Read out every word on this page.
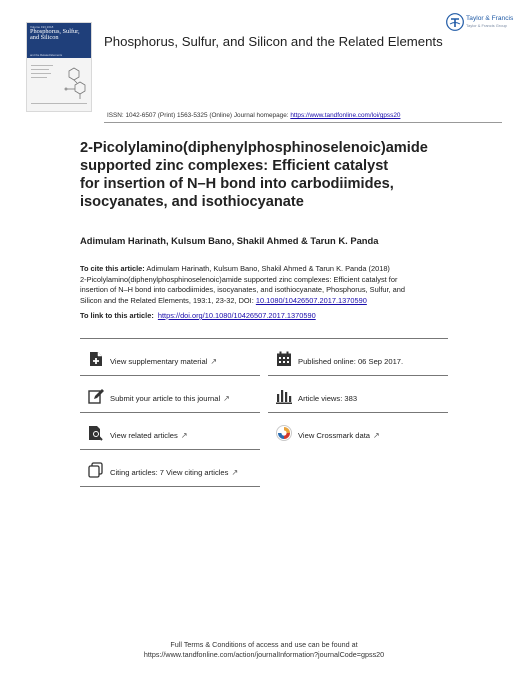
Volume 193 2018
Phosphorus, Sulfur, and Silicon
and the Related Elements
Phosphorus, Sulfur, and Silicon and the Related Elements
Taylor & Francis
Taylor & Francis Group
ISSN: 1042-6507 (Print) 1563-5325 (Online) Journal homepage: https://www.tandfonline.com/loi/gpss20
2-Picolylamino(diphenylphosphinoselenoic)amide
supported zinc complexes: Efficient catalyst
for insertion of N–H bond into carbodiimides,
isocyanates, and isothiocyanate
Adimulam Harinath, Kulsum Bano, Shakil Ahmed & Tarun K. Panda
To cite this article: Adimulam Harinath, Kulsum Bano, Shakil Ahmed & Tarun K. Panda (2018)
2-Picolylamino(diphenylphosphinoselenoic)amide supported zinc complexes: Efficient catalyst for
insertion of N–H bond into carbodiimides, isocyanates, and isothiocyanate, Phosphorus, Sulfur, and
Silicon and the Related Elements, 193:1, 23-32, DOI: 10.1080/10426507.2017.1370590
To link to this article: https://doi.org/10.1080/10426507.2017.1370590
View supplementary material ↗	Published online: 06 Sep 2017.
Submit your article to this journal ↗	Article views: 383
View related articles ↗	View Crossmark data ↗
Citing articles: 7 View citing articles ↗
Full Terms & Conditions of access and use can be found at
https://www.tandfonline.com/action/journalInformation?journalCode=gpss20
